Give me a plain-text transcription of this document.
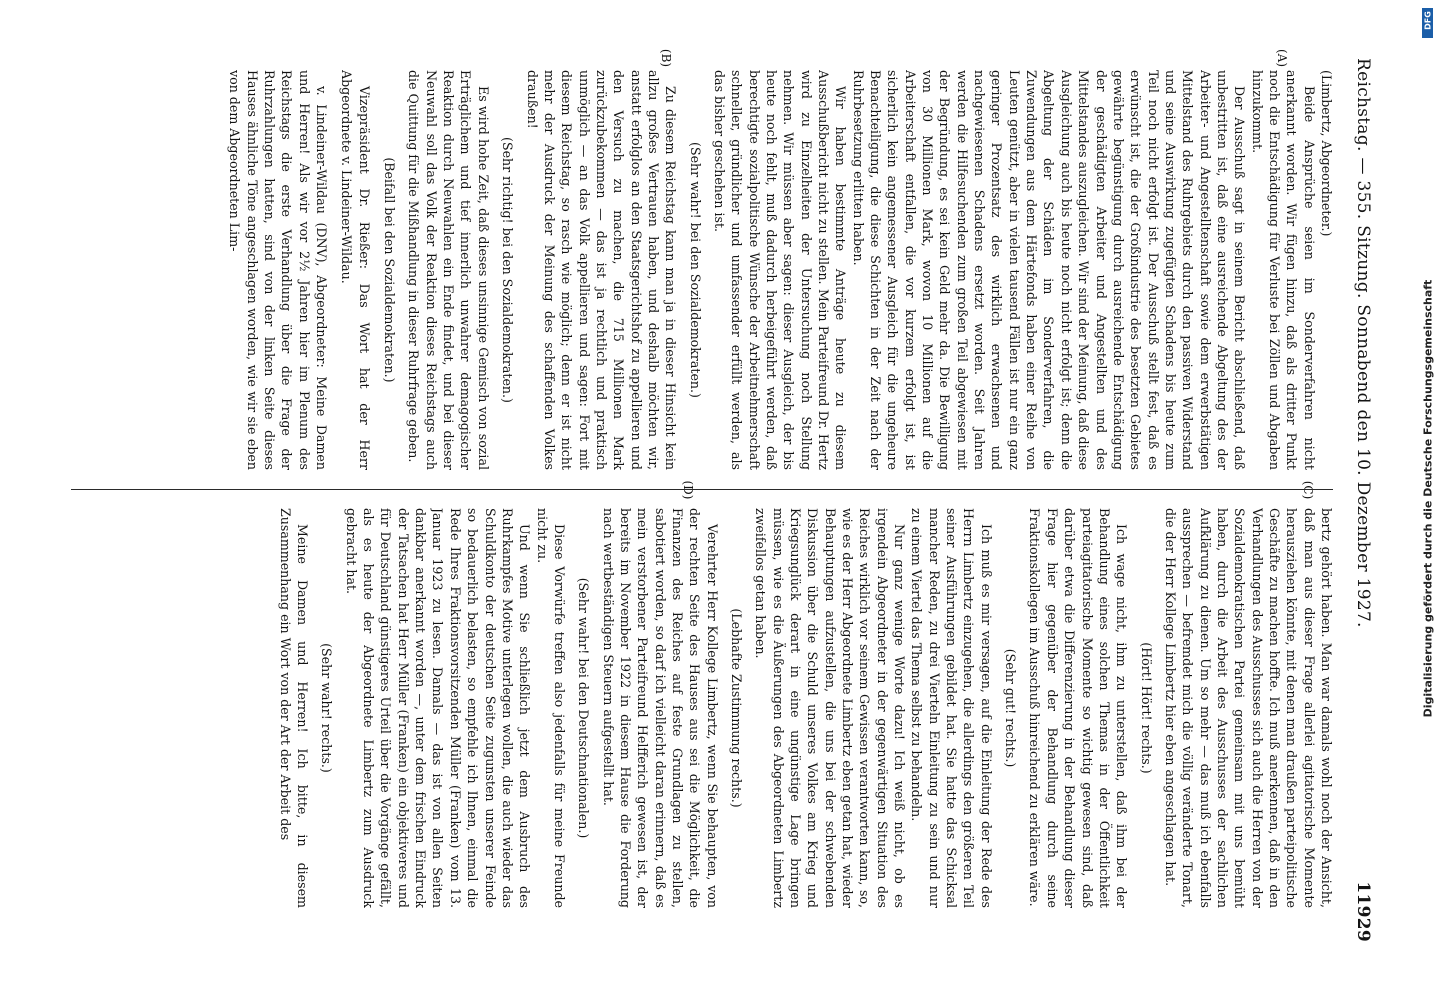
Reichstag. — 355. Sitzung. Sonnabend den 10. Dezember 1927.
11929
(A)
(B)

(Limbertz, Abgeordneter.)

Beide Ansprüche seien im Sonderverfahren nicht anerkannt worden. Wir fügen hinzu, daß als dritter Punkt noch die Entschädigung für Verluste bei Zöllen und Abgaben hinzukommt.

Der Ausschuß sagt in seinem Bericht abschließend, daß unbestritten ist, daß eine ausreichende Abgeltung des der Arbeiter- und Angestelltenschaft sowie dem erwerbstätigen Mittelstand des Ruhrgebiets durch den passiven Widerstand und seine Auswirkung zugefügten Schadens bis heute zum Teil noch nicht erfolgt ist. Der Ausschuß stellt fest, daß es erwünscht ist, die der Großindustrie des besetzten Gebietes gewährte begünstigung durch ausreichende Entschädigung der geschädigten Arbeiter und Angestellten und des Mittelstandes auszugleichen. Wir sind der Meinung, daß diese Ausgleichung auch bis heute noch nicht erfolgt ist; denn die Abgeltung der Schäden im Sonderverfahren, die Zuwendungen aus dem Härtefonds haben einer Reihe von Leuten genützt, aber in vielen tausend Fällen ist nur ein ganz geringer Prozentsatz des wirklich erwachsenen und nachgewiesenen Schadens ersetzt worden. Seit Jahren werden die Hilfesuchenden zum großen Teil abgewiesen mit der Begründung, es sei kein Geld mehr da. Die Bewilligung von 30 Millionen Mark, wovon 10 Millionen auf die Arbeiterschaft entfallen, die vor kurzem erfolgt ist, ist sicherlich kein angemessener Ausgleich für die ungeheure Benachteiligung, die diese Schichten in der Zeit nach der Ruhrbesetzung erlitten haben.

Wir haben bestimmte Anträge heute zu diesem Ausschußbericht nicht zu stellen. Mein Parteifreund Dr. Hertz wird zu Einzelheiten der Untersuchung noch Stellung nehmen. Wir müssen aber sagen: dieser Ausgleich, der bis heute noch fehlt, muß dadurch herbeigeführt werden, daß berechtigte sozialpolitische Wünsche der Arbeitnehmerschaft schneller, gründlicher und umfassender erfüllt werden, als das bisher geschehen ist.

(Sehr wahr! bei den Sozialdemokraten.)

Zu diesem Reichstag kann man ja in dieser Hinsicht kein allzu großes Vertrauen haben, und deshalb möchten wir, anstatt erfolglos an den Staatsgerichtshof zu appellieren und den Versuch zu machen, die 715 Millionen Mark zurückzubekommen — das ist ja rechtlich und praktisch unmöglich — an das Volk appellieren und sagen: Fort mit diesem Reichstag, so rasch wie möglich; denn er ist nicht mehr der Ausdruck der Meinung des schaffenden Volkes draußen!

(Sehr richtig! bei den Sozialdemokraten.)

Es wird hohe Zeit, daß dieses unsinnige Gemisch von sozial Erträglichem und tief innerlich unwahrer demagogischer Reaktion durch Neuwahlen ein Ende findet, und bei dieser Neuwahl soll das Volk der Reaktion dieses Reichstags auch die Quittung für die Mißhandlung in dieser Ruhrfrage geben.

(Beifall bei den Sozialdemokraten.)

Vizepräsident Dr. Rießer: Das Wort hat der Herr Abgeordnete v. Lindeiner-Wildau.

v. Lindeiner-Wildau (DNV), Abgeordneter: Meine Damen und Herren! Als wir vor 2½ Jahren hier im Plenum des Reichstags die erste Verhandlung über die Frage der Ruhrzahlungen hatten, sind von der linken Seite dieses Hauses ähnliche Töne angeschlagen worden, wie wir sie eben von dem Abgeordneten Lim-

bertz gehört haben. Man war damals wohl noch der Ansicht, daß man aus dieser Frage allerlei agitatorische Momente herausziehen könnte, mit denen man draußen parteipolitische Geschäfte zu machen hoffte. Ich muß anerkennen, daß in den Verhandlungen des Ausschusses sich auch die Herren von der Sozialdemokratischen Partei gemeinsam mit uns bemüht haben, durch die Arbeit des Ausschusses der sachlichen Aufklärung zu dienen. Um so mehr — das muß ich ebenfalls aussprechen — befremdet mich die völlig veränderte Tonart, die der Herr Kollege Limbertz hier eben angeschlagen hat.

(Hört! Hört! rechts.)

Ich wage nicht, ihm zu unterstellen, daß ihm bei der Behandlung eines solchen Themas in der Öffentlichkeit parteiagitatorische Momente so wichtig gewesen sind, daß darüber etwa die Differenzierung in der Behandlung dieser Frage hier gegenüber der Behandlung durch seine Fraktionskollegen im Ausschuß hinreichend zu erklären wäre.

(Sehr gut! rechts.)

Ich muß es mir versagen, auf die Einleitung der Rede des Herrn Limbertz einzugehen, die allerdings den größeren Teil seiner Ausführungen gebildet hat. Sie hatte das Schicksal mancher Reden, zu drei Vierteln Einleitung zu sein und nur zu einem Viertel das Thema selbst zu behandeln.

Nur ganz wenige Worte dazu! Ich weiß nicht, ob es irgendein Abgeordneter in der gegenwärtigen Situation des Reiches wirklich vor seinem Gewissen verantworten kann, so, wie es der Herr Abgeordnete Limbertz eben getan hat, wieder Behauptungen aufzustellen, die uns bei der schwebenden Diskussion über die Schuld unseres Volkes am Krieg und Kriegsunglück derart in eine ungünstige Lage bringen müssen, wie es die Äußerungen des Abgeordneten Limbertz zweifellos getan haben.

(Lebhafte Zustimmung rechts.)

Verehrter Herr Kollege Limbertz, wenn Sie behaupten, von der rechten Seite des Hauses aus sei die Möglichkeit, die Finanzen des Reiches auf feste Grundlagen zu stellen, sabotiert worden, so darf ich vielleicht daran erinnern, daß es mein verstorbener Parteifreund Helfferich gewesen ist, der bereits im November 1922 in diesem Hause die Forderung nach wertbeständigen Steuern aufgestellt hat.

(Sehr wahr! bei den Deutschnationalen.)

Diese Vorwürfe treffen also jedenfalls für meine Freunde nicht zu.

Und wenn Sie schließlich jetzt dem Ausbruch des Ruhrkampfes Motive unterlegen wollen, die auch wieder das Schuldkonto der deutschen Seite zugunsten unserer Feinde so bedauerlich belasten, so empfehle ich Ihnen, einmal die Rede Ihres Fraktionsvorsitzenden Müller (Franken) vom 13. Januar 1923 zu lesen. Damals — das ist von allen Seiten dankbar anerkannt worden —, unter dem frischen Eindruck der Tatsachen hat Herr Müller (Franken) ein objektiveres und für Deutschland günstigeres Urteil über die Vorgänge gefällt, als es heute der Abgeordnete Limbertz zum Ausdruck gebracht hat.

(Sehr wahr! rechts.)

Meine Damen und Herren! Ich bitte, in diesem Zusammenhang ein Wort von der Art der Arbeit des

DFG
Digitalisierung gefördert durch die Deutsche Forschungsgemeinschaft
